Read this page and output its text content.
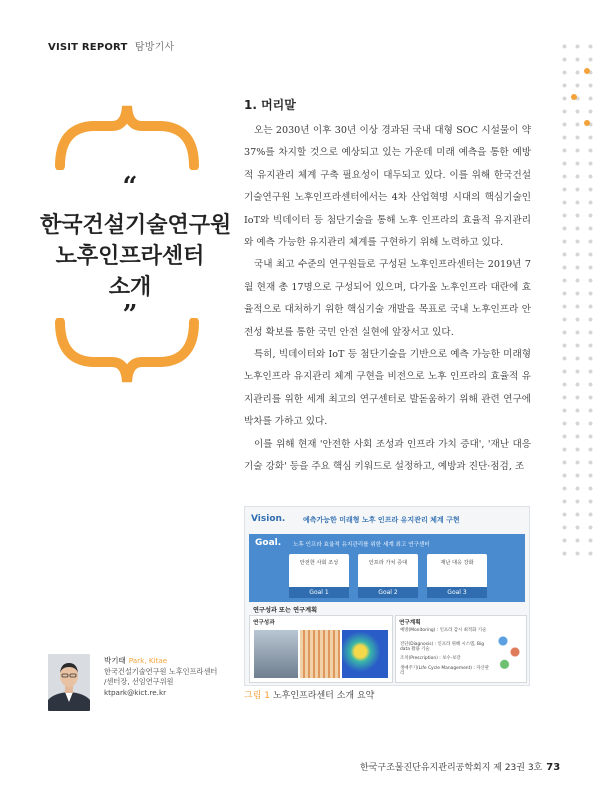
VISIT REPORT 탐방기사
“
한국건설기술연구원
노후인프라센터
소개
”
1. 머리말

오는 2030년 이후 30년 이상 경과된 국내 대형 SOC 시설물이 약 37%를 차지할 것으로 예상되고 있는 가운데 미래 예측을 통한 예방적 유지관리 체계 구축 필요성이 대두되고 있다. 이를 위해 한국건설기술연구원 노후인프라센터에서는 4차 산업혁명 시대의 핵심기술인 IoT와 빅데이터 등 첨단기술을 통해 노후 인프라의 효율적 유지관리와 예측 가능한 유지관리 체계를 구현하기 위해 노력하고 있다.

국내 최고 수준의 연구원들로 구성된 노후인프라센터는 2019년 7월 현재 총 17명으로 구성되어 있으며, 다가올 노후인프라 대란에 효율적으로 대처하기 위한 핵심기술 개발을 목표로 국내 노후인프라 안전성 확보를 통한 국민 안전 실현에 앞장서고 있다.

특히, 빅데이터와 IoT 등 첨단기술을 기반으로 예측 가능한 미래형 노후인프라 유지관리 체계 구현을 비전으로 노후 인프라의 효율적 유지관리를 위한 세계 최고의 연구센터로 발돋움하기 위해 관련 연구에 박차를 가하고 있다.

이를 위해 현재 '안전한 사회 조성과 인프라 가치 증대', '재난 대응 기술 강화' 등을 주요 핵심 키워드로 설정하고, 예방과 진단·점검, 조

Vision.	예측가능한 미래형 노후 인프라 유지관리 체계 구현
Goal. 노후 인프라 효율적 유지관리를 위한 세계 최고 연구센터
안전한 사회 조성
Goal 1
인프라 가치 증대
Goal 2
재난 대응 강화
Goal 3
연구성과 또는 연구계획
연구성과	연구계획
예방(Monitoring) : 인프라 감시 최적화 기술
진단(Diagnosis) : 인프라 위해 시스템, Big data 활용 기술
조치(Prescription) : 보수·보강
생애주기(Life Cycle Management) : 자산관리
그림 1 노후인프라센터 소개 요약
박기태 Park, Kitae
한국건설기술연구원 노후인프라센터
/센터장, 선임연구위원
ktpark@kict.re.kr
한국구조물진단유지관리공학회지 제 23권 3호 73
